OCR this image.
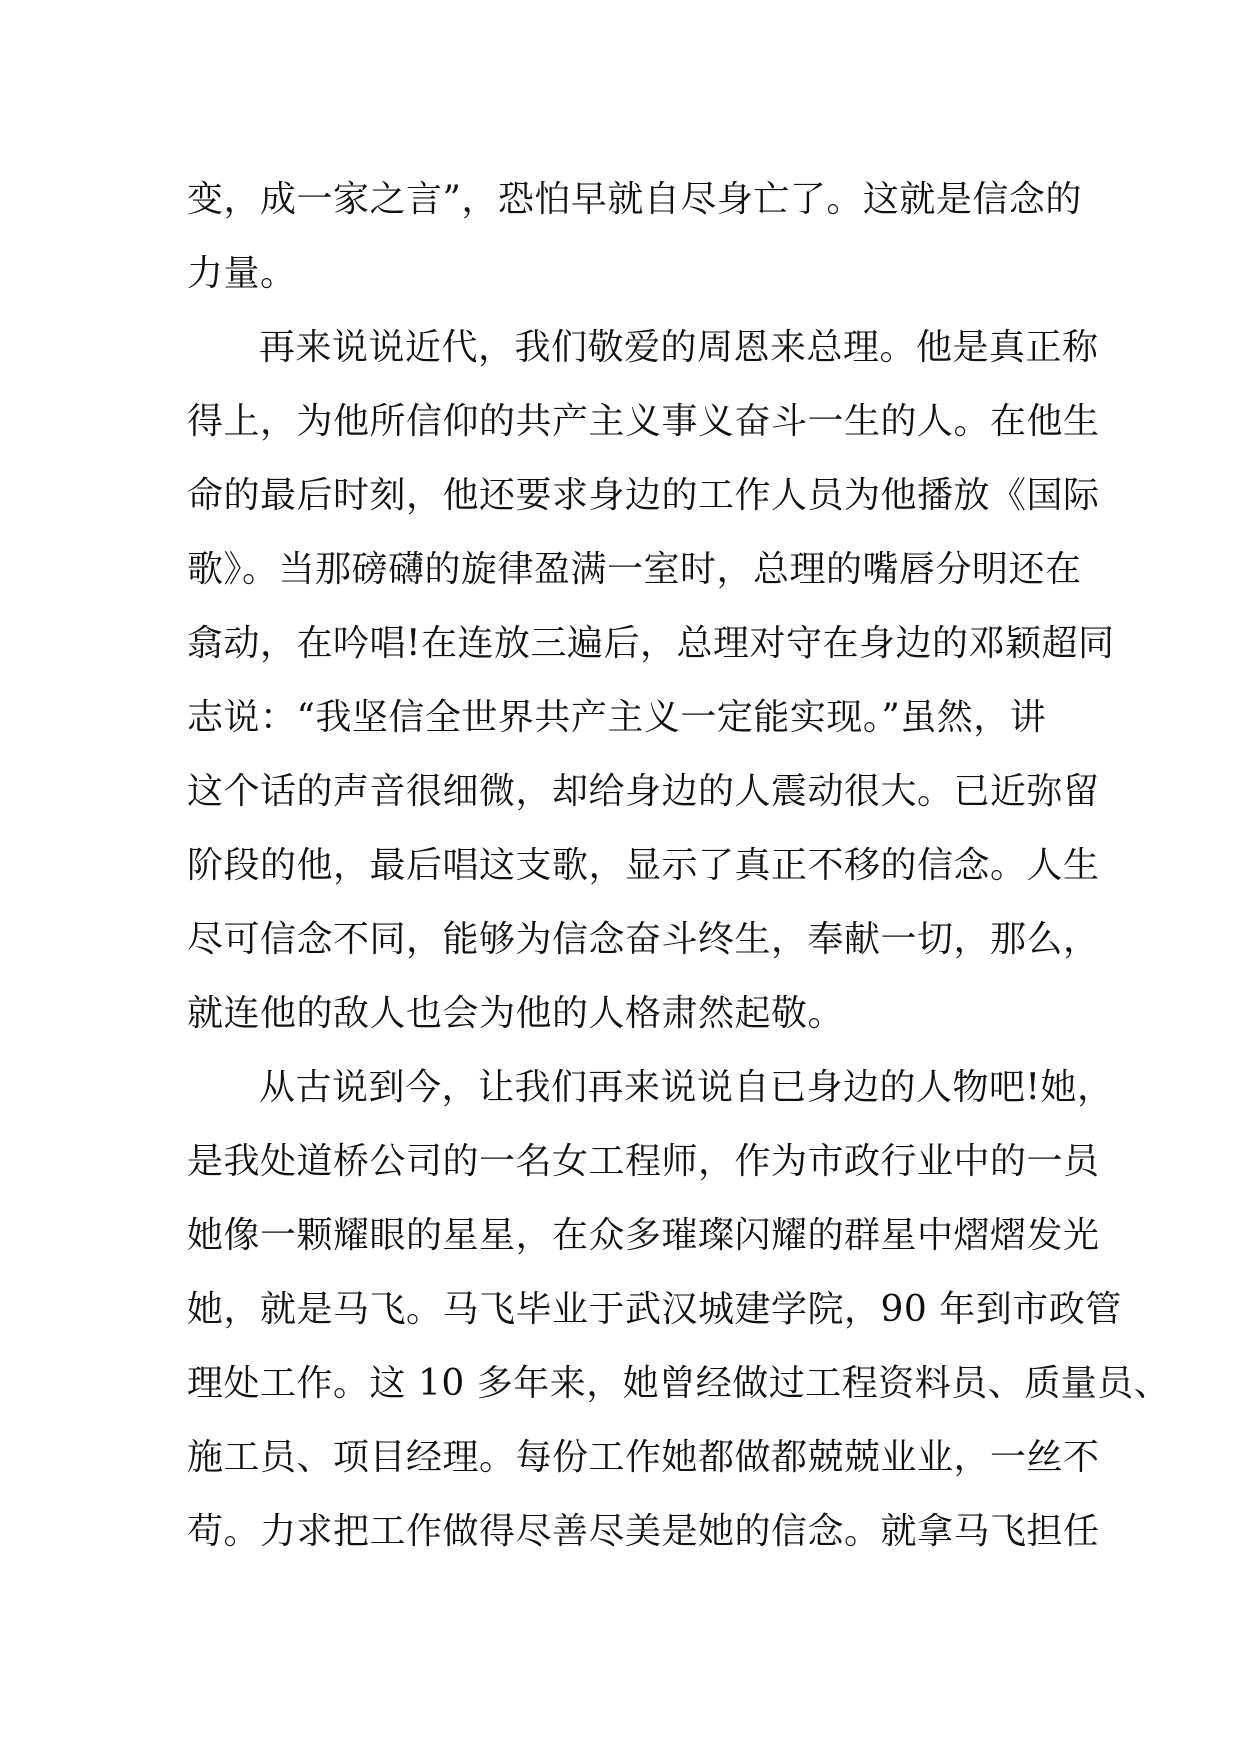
变，成一家之言”，恐怕早就自尽身亡了。这就是信念的
力量。
再来说说近代，我们敬爱的周恩来总理。他是真正称
得上，为他所信仰的共产主义事义奋斗一生的人。在他生
命的最后时刻，他还要求身边的工作人员为他播放《国际
歌》。当那磅礴的旋律盈满一室时，总理的嘴唇分明还在
翕动，在吟唱!在连放三遍后，总理对守在身边的邓颖超同
志说：“我坚信全世界共产主义一定能实现。”虽然，讲
这个话的声音很细微，却给身边的人震动很大。已近弥留
阶段的他，最后唱这支歌，显示了真正不移的信念。人生
尽可信念不同，能够为信念奋斗终生，奉献一切，那么，
就连他的敌人也会为他的人格肃然起敬。
从古说到今，让我们再来说说自已身边的人物吧!她，
是我处道桥公司的一名女工程师，作为市政行业中的一员
她像一颗耀眼的星星，在众多璀璨闪耀的群星中熠熠发光
她，就是马飞。马飞毕业于武汉城建学院，90 年到市政管
理处工作。这 10 多年来，她曾经做过工程资料员、质量员、
施工员、项目经理。每份工作她都做都兢兢业业，一丝不
苟。力求把工作做得尽善尽美是她的信念。就拿马飞担任
